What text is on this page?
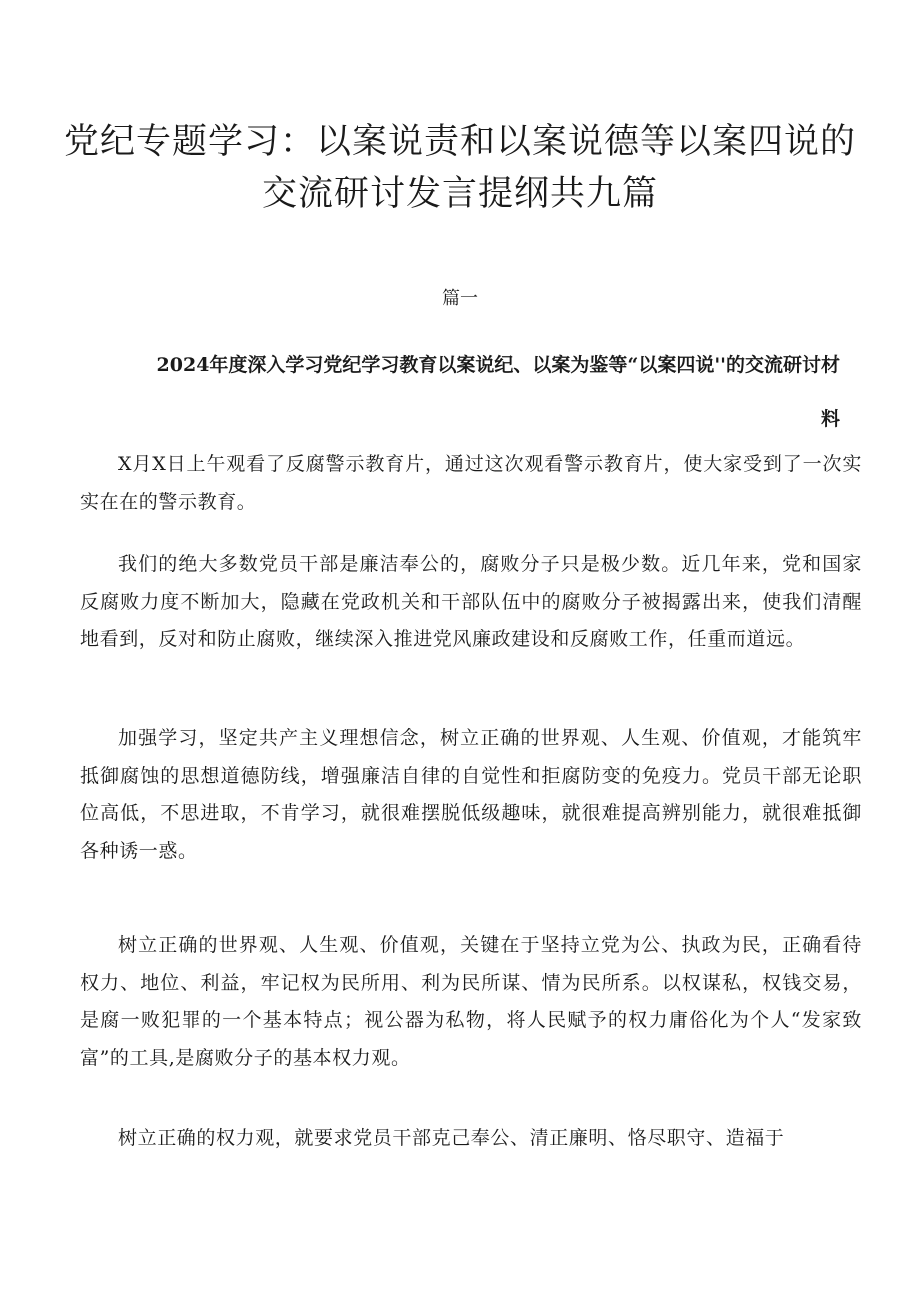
党纪专题学习：以案说责和以案说德等以案四说的交流研讨发言提纲共九篇
篇一
2024年度深入学习党纪学习教育以案说纪、以案为鉴等“以案四说''的交流研讨材料

X月X日上午观看了反腐警示教育片，通过这次观看警示教育片，使大家受到了一次实实在在的警示教育。

我们的绝大多数党员干部是廉洁奉公的，腐败分子只是极少数。近几年来，党和国家反腐败力度不断加大，隐藏在党政机关和干部队伍中的腐败分子被揭露出来，使我们清醒地看到，反对和防止腐败，继续深入推进党风廉政建设和反腐败工作，任重而道远。

加强学习，坚定共产主义理想信念，树立正确的世界观、人生观、价值观，才能筑牢抵御腐蚀的思想道德防线，增强廉洁自律的自觉性和拒腐防变的免疫力。党员干部无论职位高低，不思进取，不肯学习，就很难摆脱低级趣味，就很难提高辨别能力，就很难抵御各种诱一惑。

树立正确的世界观、人生观、价值观，关键在于坚持立党为公、执政为民，正确看待权力、地位、利益，牢记权为民所用、利为民所谋、情为民所系。以权谋私，权钱交易，是腐一败犯罪的一个基本特点；视公器为私物，将人民赋予的权力庸俗化为个人“发家致富”的工具,是腐败分子的基本权力观。

树立正确的权力观，就要求党员干部克己奉公、清正廉明、恪尽职守、造福于
